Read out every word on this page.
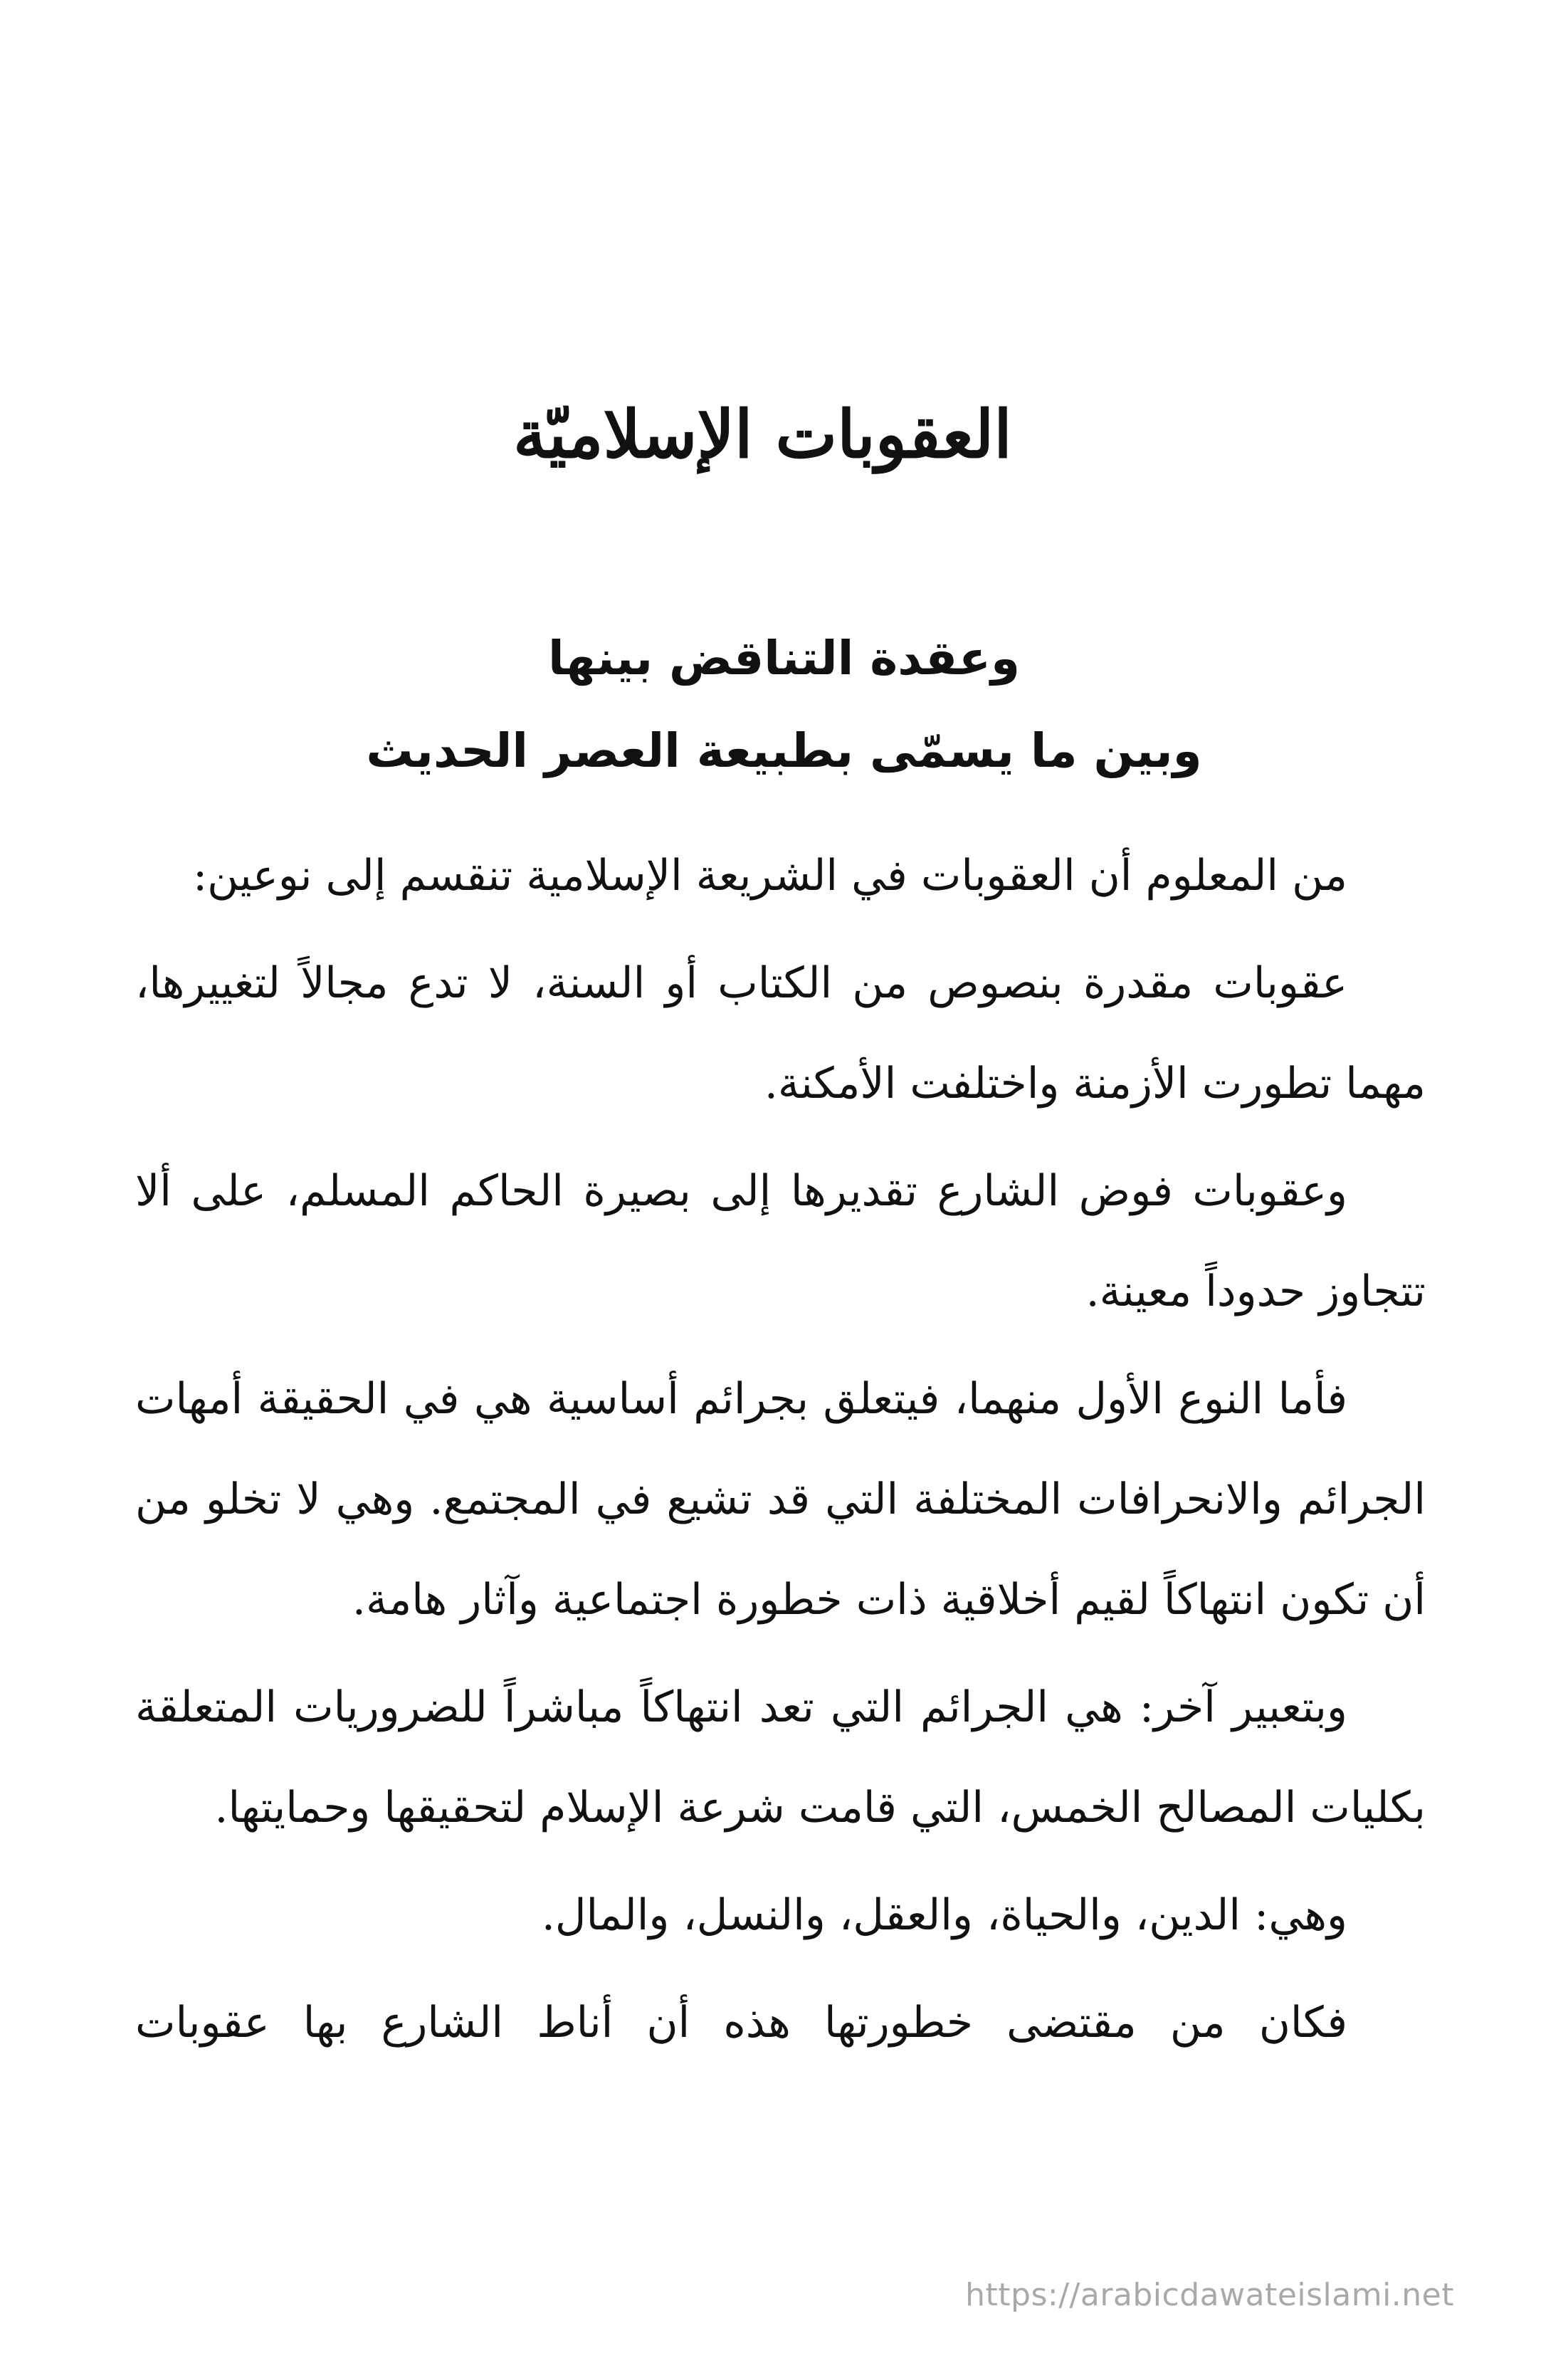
العقوبات الإسلاميّة
وعقدة التناقض بينها
وبين ما يسمّى بطبيعة العصر الحديث

من المعلوم أن العقوبات في الشريعة الإسلامية تنقسم إلى نوعين:

عقوبات مقدرة بنصوص من الكتاب أو السنة، لا تدع مجالاً لتغييرها، مهما تطورت الأزمنة واختلفت الأمكنة.

وعقوبات فوض الشارع تقديرها إلى بصيرة الحاكم المسلم، على ألا تتجاوز حدوداً معينة.

فأما النوع الأول منهما، فيتعلق بجرائم أساسية هي في الحقيقة أمهات الجرائم والانحرافات المختلفة التي قد تشيع في المجتمع. وهي لا تخلو من أن تكون انتهاكاً لقيم أخلاقية ذات خطورة اجتماعية وآثار هامة.

وبتعبير آخر: هي الجرائم التي تعد انتهاكاً مباشراً للضروريات المتعلقة بكليات المصالح الخمس، التي قامت شرعة الإسلام لتحقيقها وحمايتها.

وهي: الدين، والحياة، والعقل، والنسل، والمال.

فكان من مقتضى خطورتها هذه أن أناط الشارع بها عقوبات

https://arabicdawateislami.net
